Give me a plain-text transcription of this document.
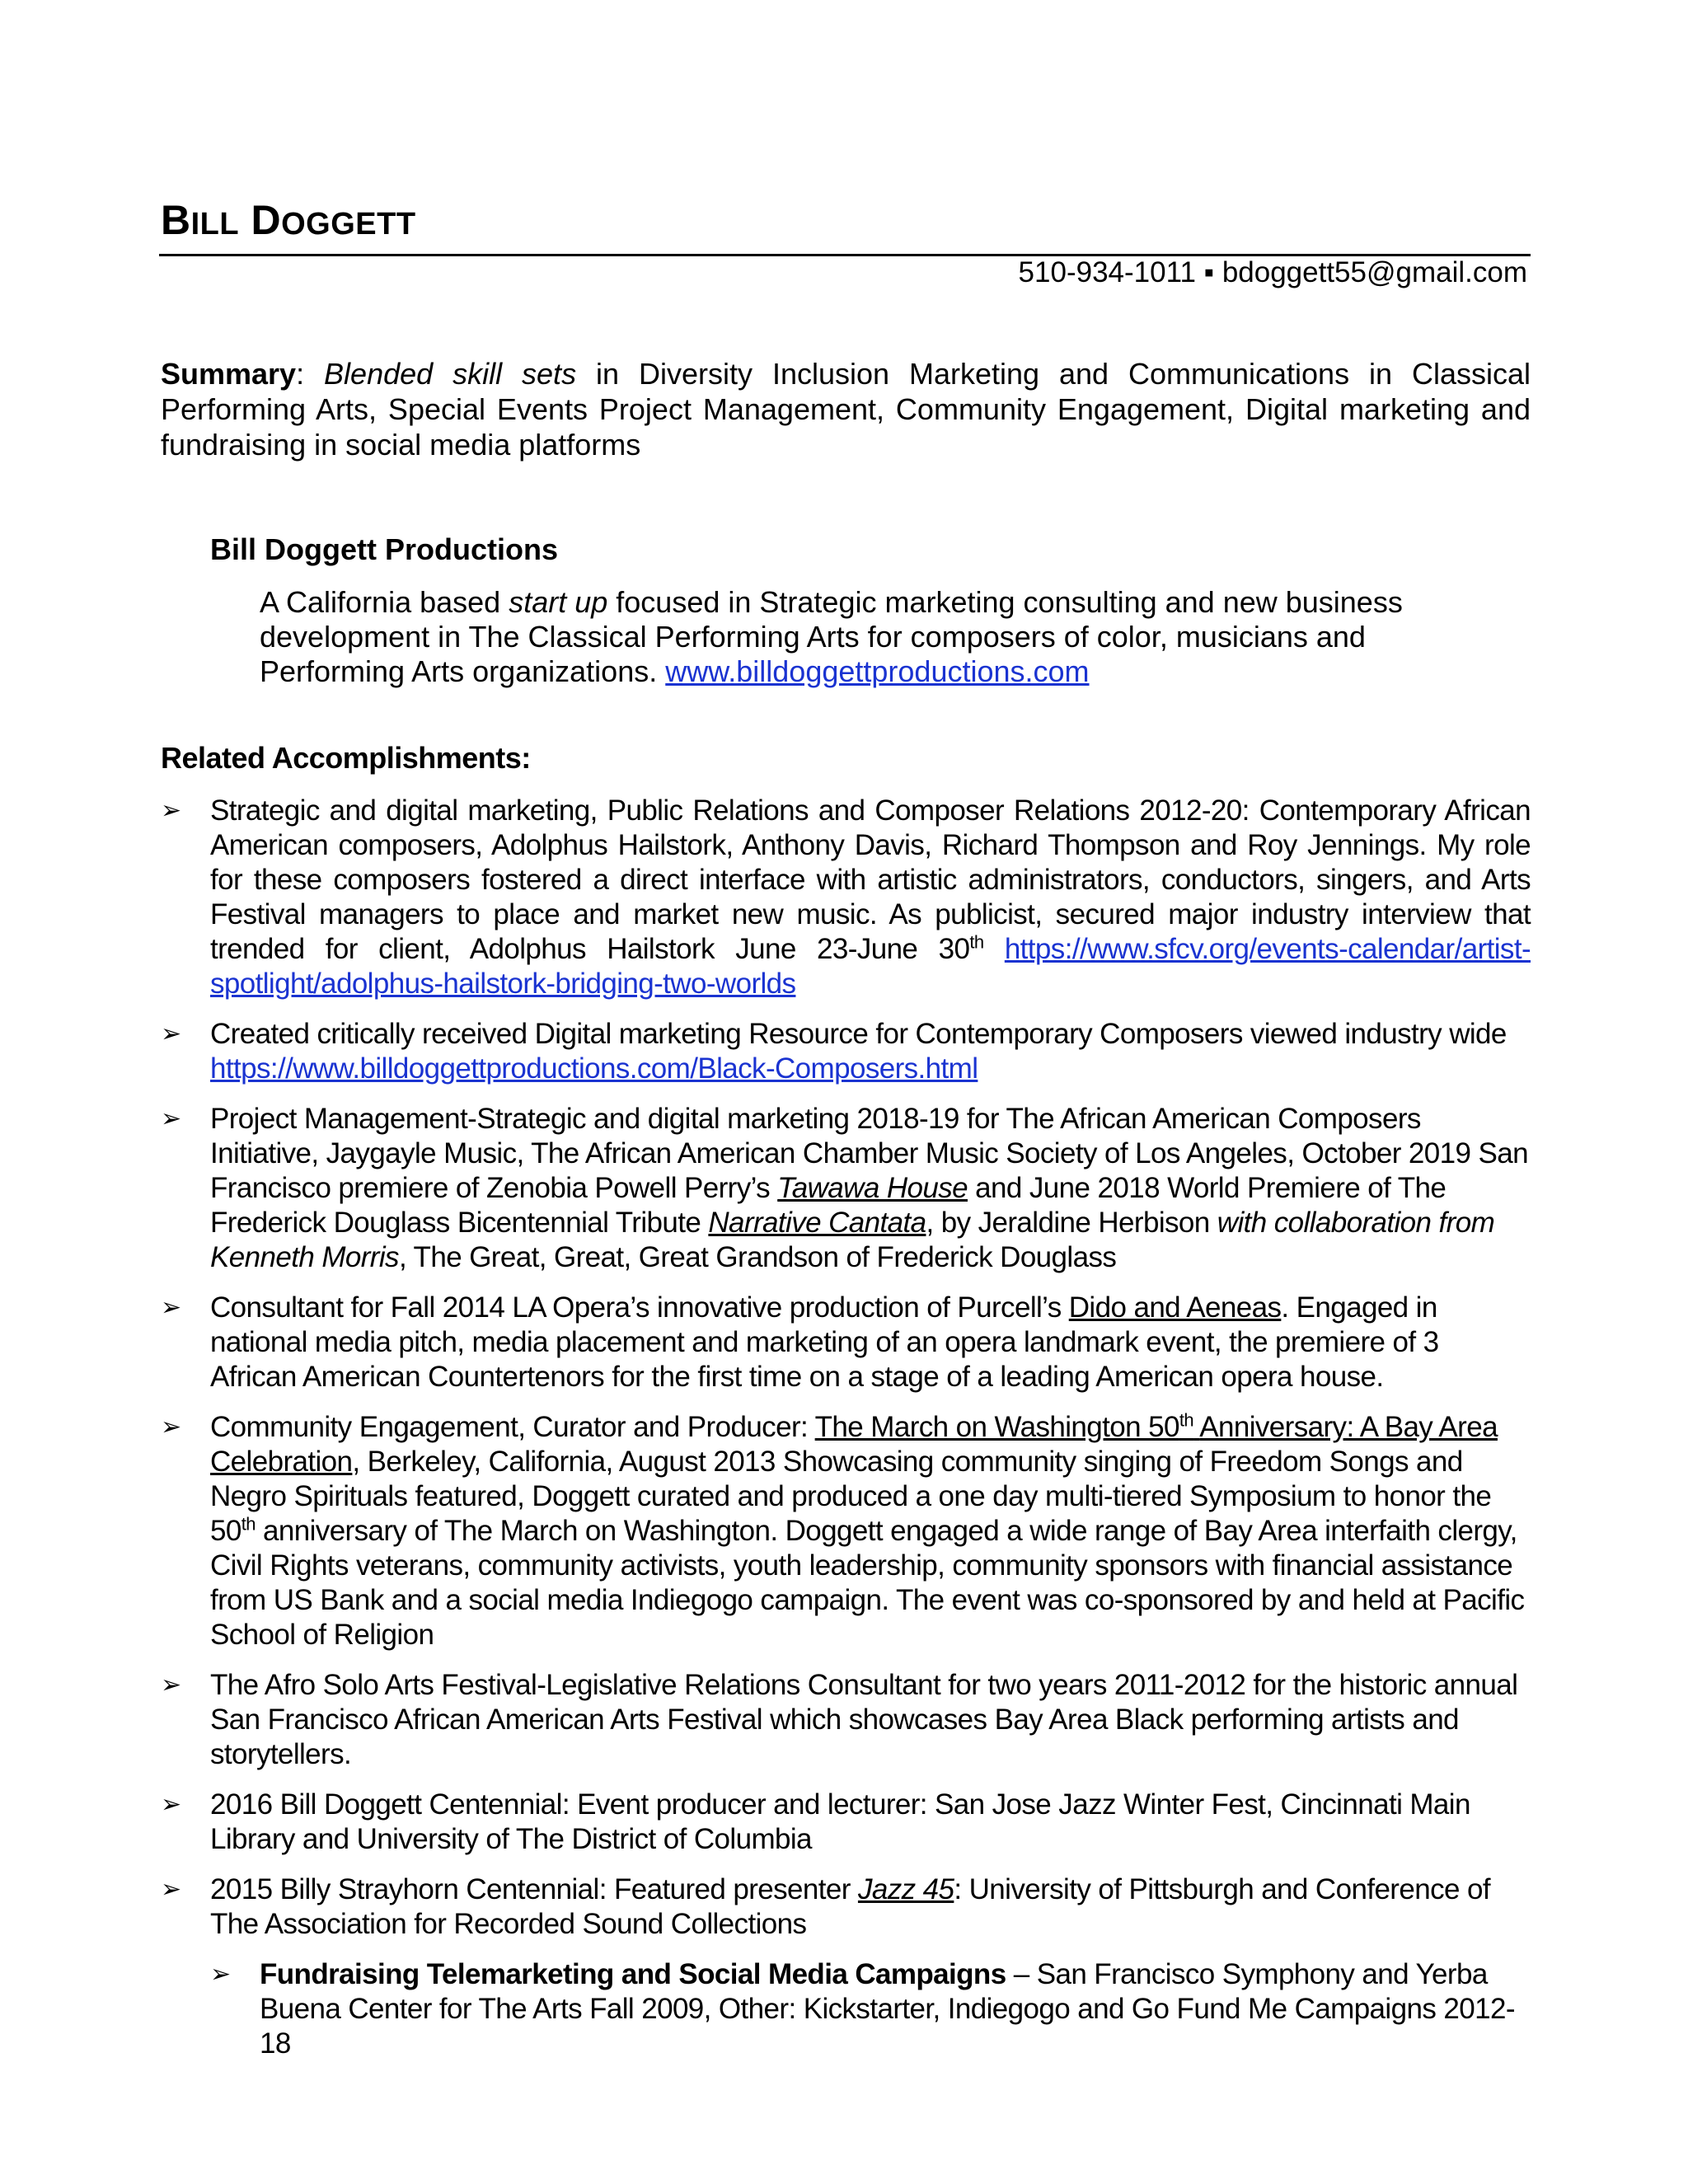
BILL DOGGETT
510-934-1011 ▪ bdoggett55@gmail.com
Summary: Blended skill sets in Diversity Inclusion Marketing and Communications in Classical Performing Arts, Special Events Project Management, Community Engagement, Digital marketing and fundraising in social media platforms
Bill Doggett Productions
A California based start up focused in Strategic marketing consulting and new business development in The Classical Performing Arts for composers of color, musicians and Performing Arts organizations. www.billdoggettproductions.com
Related Accomplishments:
➢	Strategic and digital marketing, Public Relations and Composer Relations 2012-20: Contemporary African American composers, Adolphus Hailstork, Anthony Davis, Richard Thompson and Roy Jennings. My role for these composers fostered a direct interface with artistic administrators, conductors, singers, and Arts Festival managers to place and market new music. As publicist, secured major industry interview that trended for client, Adolphus Hailstork June 23-June 30th https://www.sfcv.org/events-calendar/artist-spotlight/adolphus-hailstork-bridging-two-worlds
➢	Created critically received Digital marketing Resource for Contemporary Composers viewed industry wide https://www.billdoggettproductions.com/Black-Composers.html
➢	Project Management-Strategic and digital marketing 2018-19 for The African American Composers Initiative, Jaygayle Music, The African American Chamber Music Society of Los Angeles, October 2019 San Francisco premiere of Zenobia Powell Perry’s Tawawa House and June 2018 World Premiere of The Frederick Douglass Bicentennial Tribute Narrative Cantata, by Jeraldine Herbison with collaboration from Kenneth Morris, The Great, Great, Great Grandson of Frederick Douglass
➢	Consultant for Fall 2014 LA Opera’s innovative production of Purcell’s Dido and Aeneas. Engaged in national media pitch, media placement and marketing of an opera landmark event, the premiere of 3 African American Countertenors for the first time on a stage of a leading American opera house.
➢	Community Engagement, Curator and Producer: The March on Washington 50th Anniversary: A Bay Area Celebration, Berkeley, California, August 2013 Showcasing community singing of Freedom Songs and Negro Spirituals featured, Doggett curated and produced a one day multi-tiered Symposium to honor the 50th anniversary of The March on Washington. Doggett engaged a wide range of Bay Area interfaith clergy, Civil Rights veterans, community activists, youth leadership, community sponsors with financial assistance from US Bank and a social media Indiegogo campaign. The event was co-sponsored by and held at Pacific School of Religion
➢	The Afro Solo Arts Festival-Legislative Relations Consultant for two years 2011-2012 for the historic annual San Francisco African American Arts Festival which showcases Bay Area Black performing artists and storytellers.
➢	2016 Bill Doggett Centennial: Event producer and lecturer: San Jose Jazz Winter Fest, Cincinnati Main Library and University of The District of Columbia
➢	2015 Billy Strayhorn Centennial: Featured presenter Jazz 45: University of Pittsburgh and Conference of The Association for Recorded Sound Collections
➢	Fundraising Telemarketing and Social Media Campaigns – San Francisco Symphony and Yerba Buena Center for The Arts Fall 2009, Other: Kickstarter, Indiegogo and Go Fund Me Campaigns 2012-18
